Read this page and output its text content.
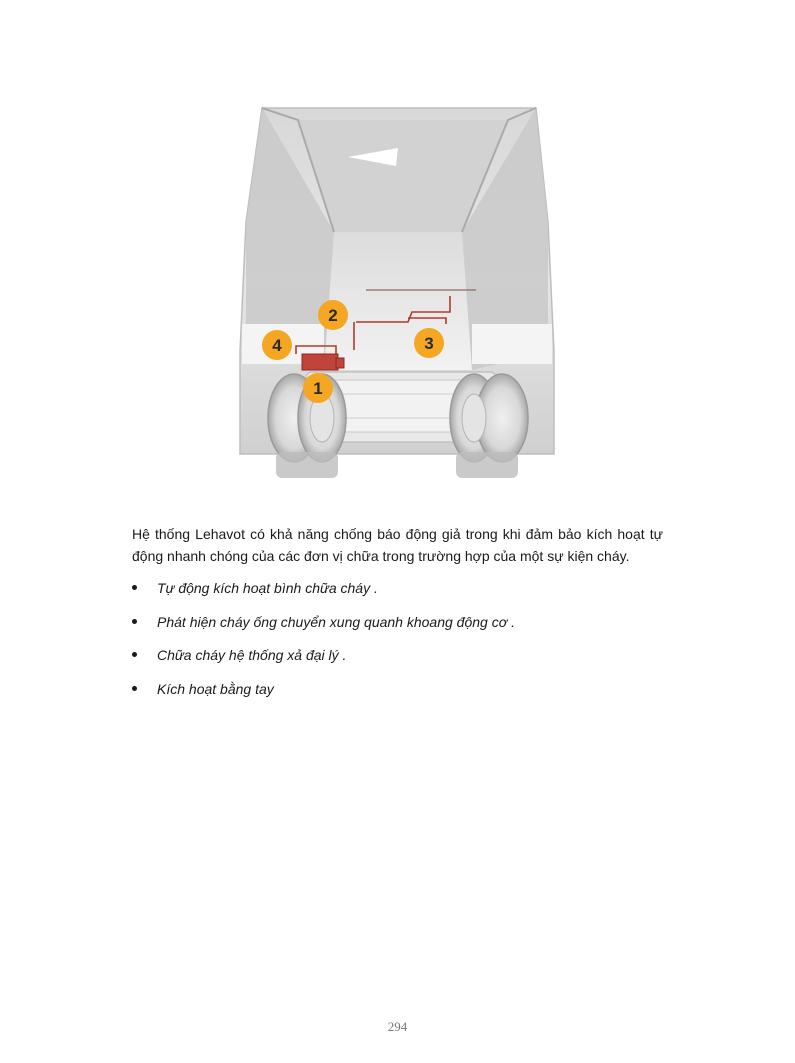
1
2
3
4

Hệ thống Lehavot có khả năng chống báo động giả trong khi đảm bảo kích hoạt tự động nhanh chóng của các đơn vị chữa trong trường hợp của một sự kiện cháy.

Tự động kích hoạt bình chữa cháy .
Phát hiện cháy ống chuyển xung quanh khoang động cơ .
Chữa cháy hệ thống xả đại lý .
Kích hoạt bằng tay
294
